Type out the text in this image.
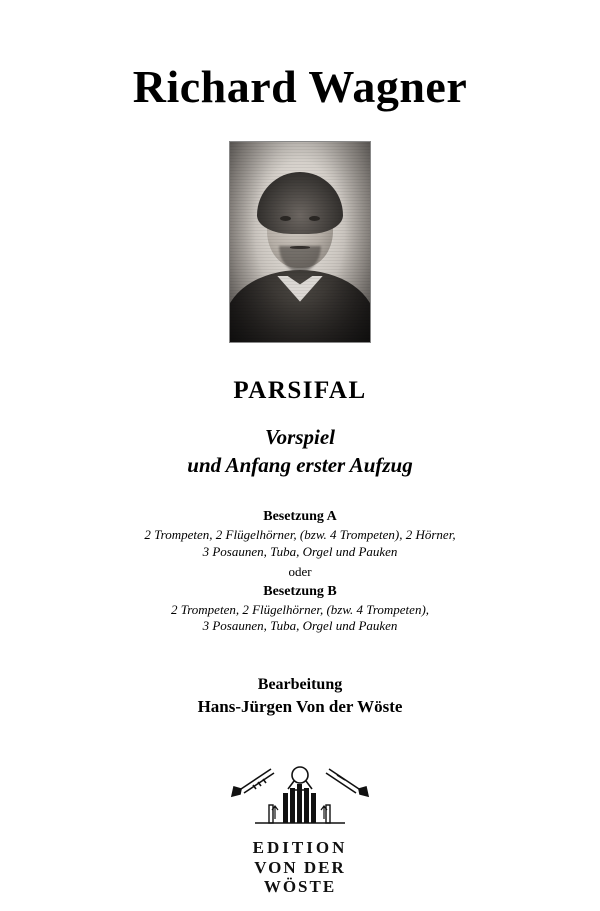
Richard Wagner
PARSIFAL
Vorspiel
und Anfang erster Aufzug
Besetzung A
2 Trompeten, 2 Flügelhörner, (bzw. 4 Trompeten), 2 Hörner,
3 Posaunen, Tuba, Orgel und Pauken
oder
Besetzung B
2 Trompeten, 2 Flügelhörner, (bzw. 4 Trompeten),
3 Posaunen, Tuba, Orgel und Pauken
Bearbeitung
Hans-Jürgen Von der Wöste
EDITION
VON DER WÖSTE
